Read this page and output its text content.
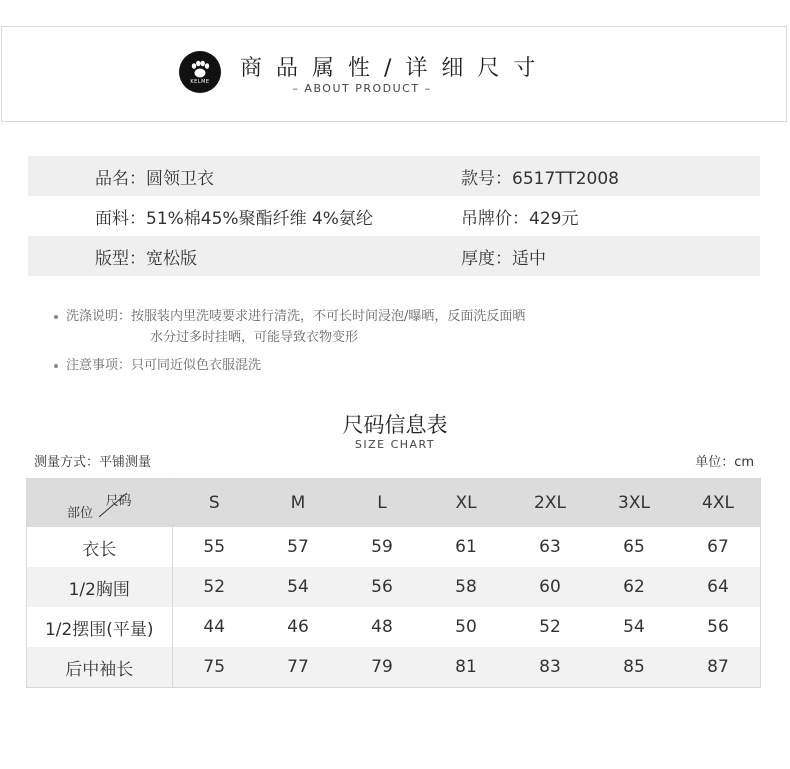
KELME
商品属性/详细尺寸
– ABOUT PRODUCT –
品名：圆领卫衣	款号：6517TT2008
面料：51%棉45%聚酯纤维 4%氨纶	吊牌价：429元
版型：宽松版	厚度：适中
洗涤说明：按服装内里洗唛要求进行清洗，不可长时间浸泡/曝晒，反面洗反面晒
水分过多时挂晒，可能导致衣物变形
注意事项：只可同近似色衣服混洗
尺码信息表
SIZE CHART
测量方式：平铺测量	单位：cm
尺码
部位	S	M	L	XL	2XL	3XL	4XL
衣长	55	57	59	61	63	65	67
1/2胸围	52	54	56	58	60	62	64
1/2摆围(平量)	44	46	48	50	52	54	56
后中袖长	75	77	79	81	83	85	87
